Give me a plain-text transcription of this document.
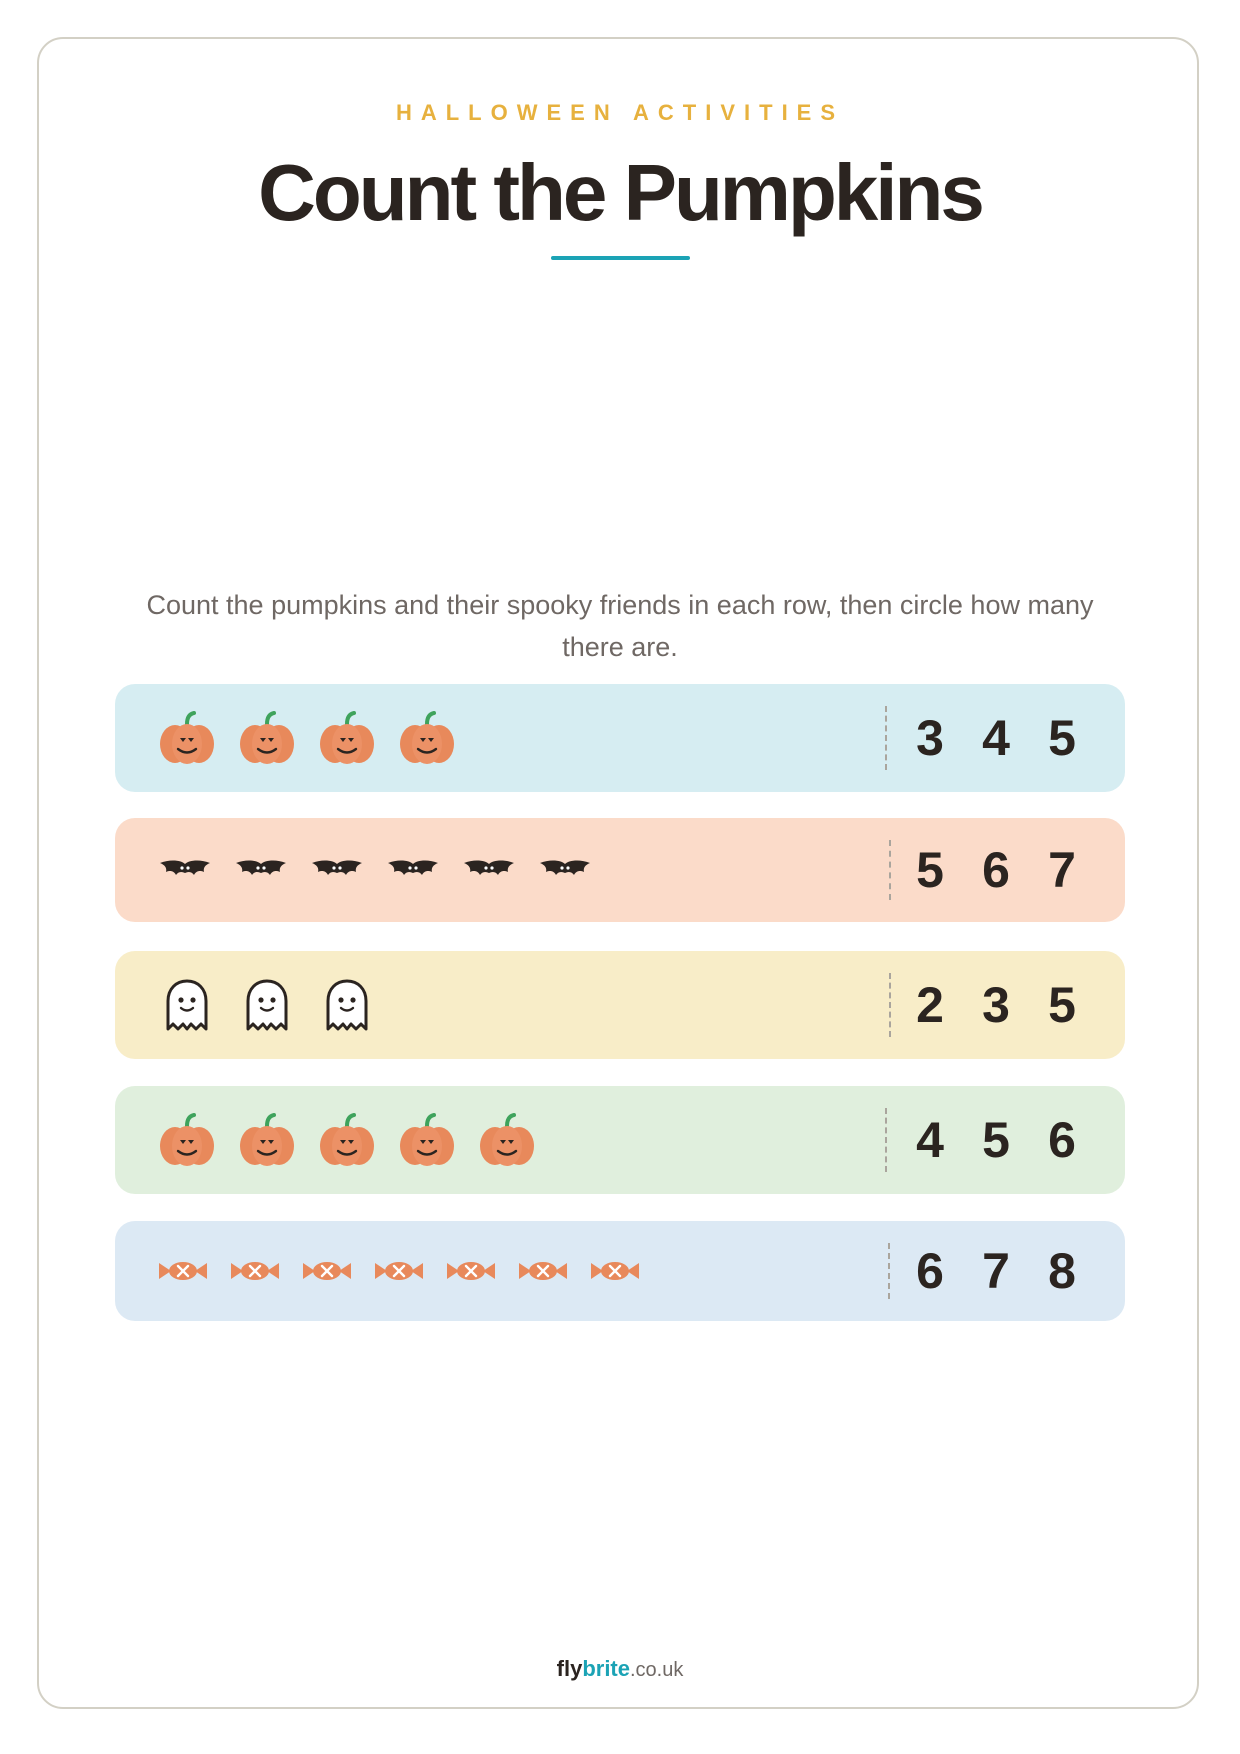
HALLOWEEN ACTIVITIES
Count the Pumpkins
Count the pumpkins and their spooky friends in each row, then circle how many there are.
3 4 5
5 6 7
2 3 5
4 5 6
6 7 8
flybrite.co.uk
